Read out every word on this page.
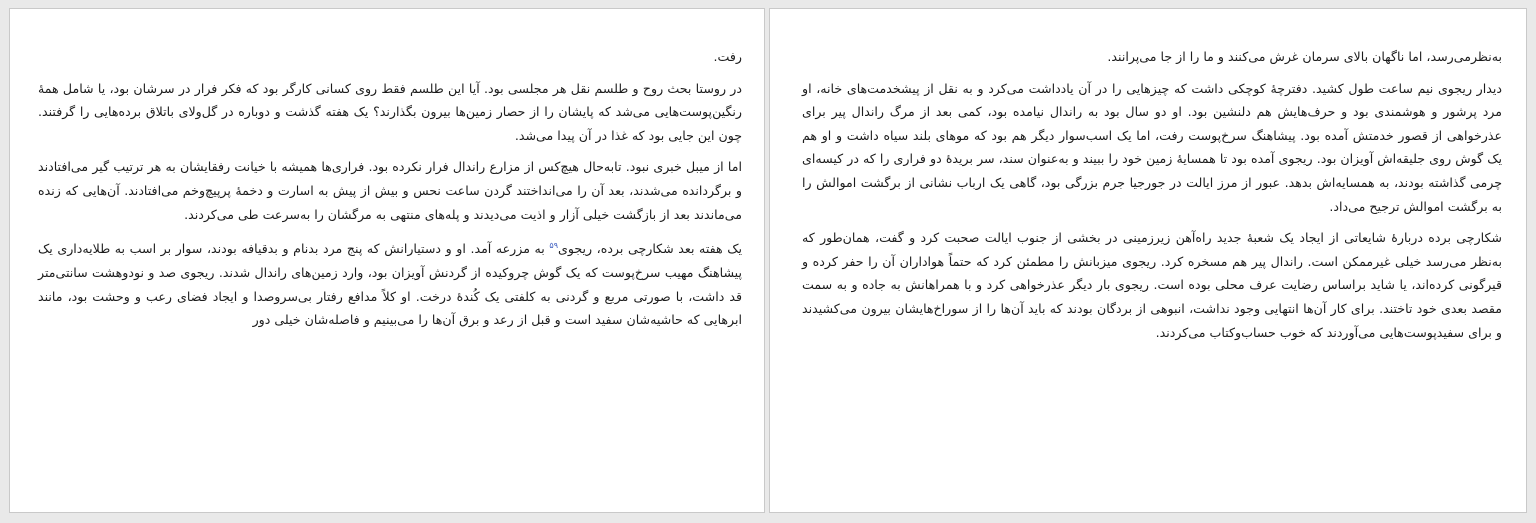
رفت.

در روستا بحث روح و طلسم نقل هر مجلسی بود. آیا این طلسم فقط روی کسانی کارگر بود که فکر فرار در سرشان بود، یا شامل همهٔ رنگین‌پوست‌هایی می‌شد که پایشان را از حصار زمین‌ها بیرون بگذارند؟ یک هفته گذشت و دوباره در گل‌ولای باتلاق برده‌هایی را گرفتند. چون این جایی بود که غذا در آن پیدا می‌شد.

اما از میبل خبری نبود. تابه‌حال هیچ‌کس از مزارع راندال فرار نکرده بود. فراری‌ها همیشه با خیانت رفقایشان به هر ترتیب گیر می‌افتادند و برگردانده می‌شدند، بعد آن را می‌انداختند گردن ساعت نحس و بیش از پیش به اسارت و دخمهٔ پرپیچ‌وخم می‌افتادند. آن‌هایی که زنده می‌ماندند بعد از بازگشت خیلی آزار و اذیت می‌دیدند و پله‌های منتهی به مرگشان را به‌سرعت طی می‌کردند.

یک هفته بعد شکارچی برده، ریجوی$^{۵۹}$ به مزرعه آمد. او و دستیارانش که پنج مرد بدنام و بدقیافه بودند، سوار بر اسب به طلایه‌داری یک پیشاهنگ مهیب سرخ‌پوست که یک گوش چروکیده از گردنش آویزان بود، وارد زمین‌های راندال شدند. ریجوی صد و نودوهشت سانتی‌متر قد داشت، با صورتی مربع و گردنی به کلفتی یک کُندهٔ درخت. او کلاً مدافع رفتار بی‌سروصدا و ایجاد فضای رعب و وحشت بود، مانند ابرهایی که حاشیه‌شان سفید است و قبل از رعد و برق آن‌ها را می‌بینیم و فاصله‌شان خیلی دور

به‌نظرمی‌رسد، اما ناگهان بالای سرمان غرش می‌کنند و ما را از جا می‌پرانند.

دیدار ریجوی نیم ساعت طول کشید. دفترچهٔ کوچکی داشت که چیزهایی را در آن یادداشت می‌کرد و به نقل از پیشخدمت‌های خانه، او مرد پرشور و هوشمندی بود و حرف‌هایش هم دلنشین بود. او دو سال بود به راندال نیامده بود، کمی بعد از مرگ راندال پیر برای عذرخواهی از قصور خدمتش آمده بود. پیشاهنگ سرخ‌پوست رفت، اما یک اسب‌سوار دیگر هم بود که موهای بلند سیاه داشت و او هم یک گوش روی جلیقه‌اش آویزان بود. ریجوی آمده بود تا همسایهٔ زمین خود را ببیند و به‌عنوان سند، سر بریدهٔ دو فراری را که در کیسه‌ای چرمی گذاشته بودند، به همسایه‌اش بدهد. عبور از مرز ایالت در جورجیا جرم بزرگی بود، گاهی یک ارباب نشانی از برگشت اموالش را به برگشت اموالش ترجیح می‌داد.

شکارچی برده دربارهٔ شایعاتی از ایجاد یک شعبهٔ جدید راه‌آهن زیرزمینی در بخشی از جنوب ایالت صحبت کرد و گفت، همان‌طور که به‌نظر می‌رسد خیلی غیرممکن است. راندال پیر هم مسخره کرد. ریجوی میزبانش را مطمئن کرد که حتماً هواداران آن را حفر کرده و قیرگونی کرده‌اند، یا شاید براساس رضایت عرف محلی بوده است. ریجوی بار دیگر عذرخواهی کرد و با همراهانش به جاده و به سمت مقصد بعدی خود تاختند. برای کار آن‌ها انتهایی وجود نداشت، انبوهی از بردگان بودند که باید آن‌ها را از سوراخ‌هایشان بیرون می‌کشیدند و برای سفیدپوست‌هایی می‌آوردند که خوب حساب‌وکتاب می‌کردند.
